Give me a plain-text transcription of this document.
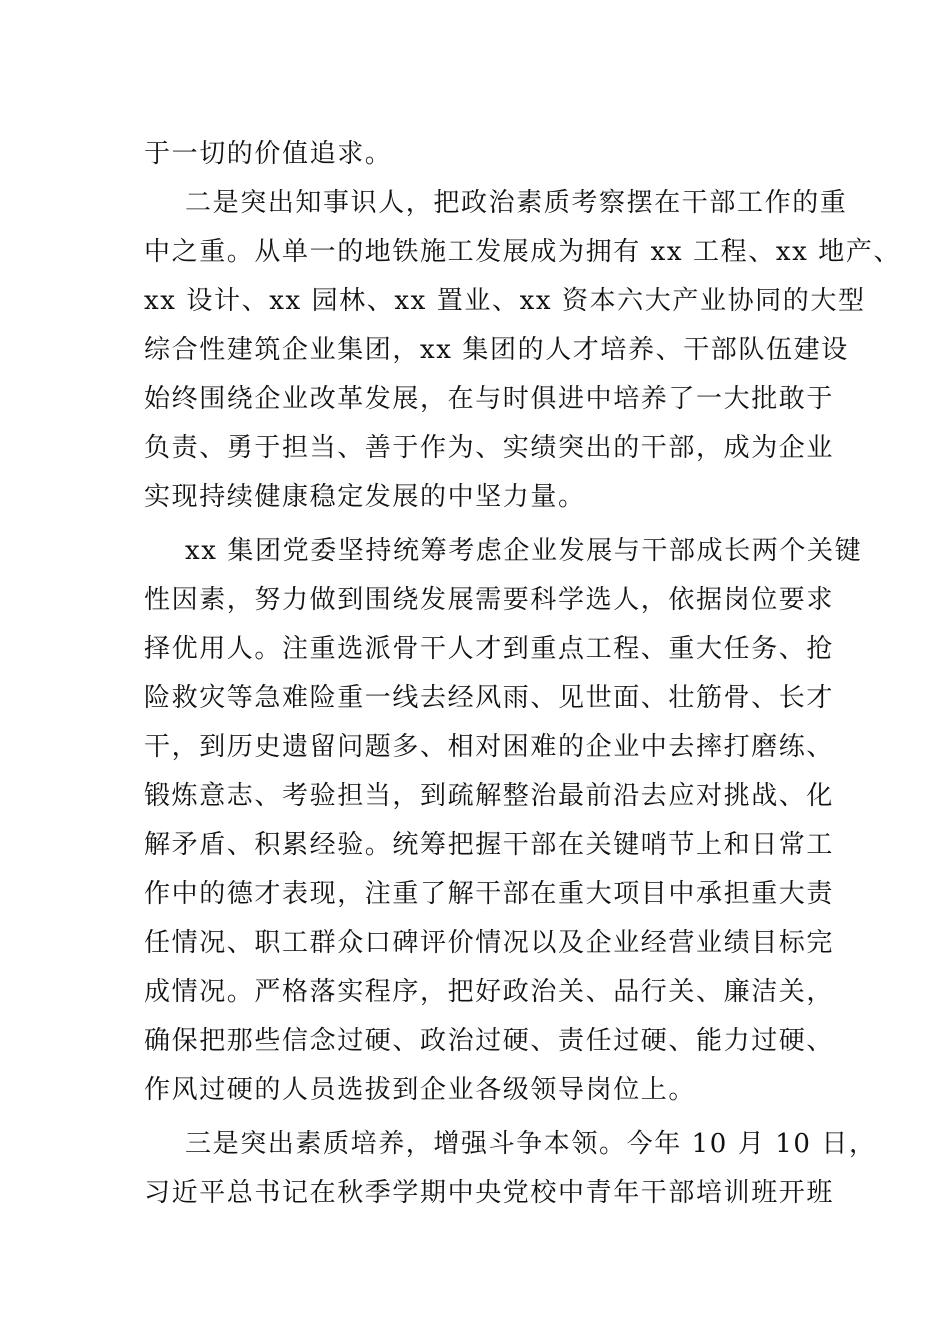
于一切的价值追求。

二是突出知事识人，把政治素质考察摆在干部工作的重

中之重。从单一的地铁施工发展成为拥有 xx 工程、xx 地产、

xx 设计、xx 园林、xx 置业、xx 资本六大产业协同的大型

综合性建筑企业集团，xx 集团的人才培养、干部队伍建设

始终围绕企业改革发展，在与时俱进中培养了一大批敢于

负责、勇于担当、善于作为、实绩突出的干部，成为企业

实现持续健康稳定发展的中坚力量。

xx 集团党委坚持统筹考虑企业发展与干部成长两个关键

性因素，努力做到围绕发展需要科学选人，依据岗位要求

择优用人。注重选派骨干人才到重点工程、重大任务、抢

险救灾等急难险重一线去经风雨、见世面、壮筋骨、长才

干，到历史遗留问题多、相对困难的企业中去摔打磨练、

锻炼意志、考验担当，到疏解整治最前沿去应对挑战、化

解矛盾、积累经验。统筹把握干部在关键哨节上和日常工

作中的德才表现，注重了解干部在重大项目中承担重大责

任情况、职工群众口碑评价情况以及企业经营业绩目标完

成情况。严格落实程序，把好政治关、品行关、廉洁关，

确保把那些信念过硬、政治过硬、责任过硬、能力过硬、

作风过硬的人员选拔到企业各级领导岗位上。

三是突出素质培养，增强斗争本领。今年 10 月 10 日，

习近平总书记在秋季学期中央党校中青年干部培训班开班
